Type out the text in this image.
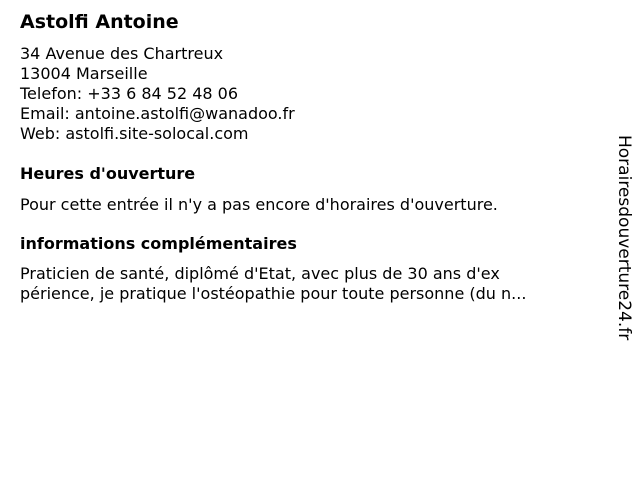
Astolfi Antoine
34 Avenue des Chartreux
13004 Marseille
Telefon: +33 6 84 52 48 06
Email: antoine.astolfi@wanadoo.fr
Web: astolfi.site-solocal.com
Heures d'ouverture

Pour cette entrée il n'y a pas encore d'horaires d'ouverture.

informations complémentaires

Praticien de santé, diplômé d'Etat, avec plus de 30 ans d'ex
périence, je pratique l'ostéopathie pour toute personne (du n...	Horairesdouverture24.fr
